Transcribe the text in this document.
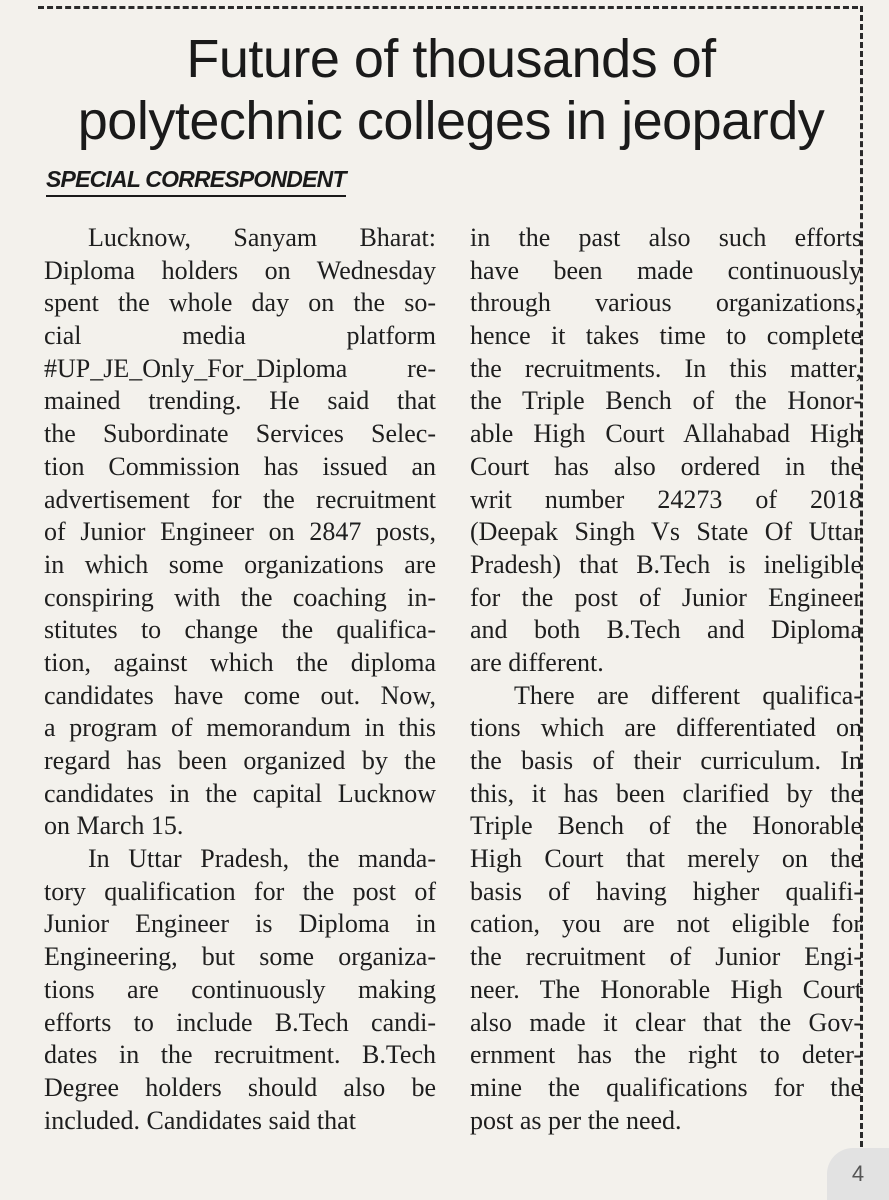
Future of thousands of
polytechnic colleges in jeopardy
SPECIAL CORRESPONDENT
Lucknow, Sanyam Bharat:
Diploma holders on Wednesday
spent the whole day on the so-
cial media platform
#UP_JE_Only_For_Diploma re-
mained trending. He said that
the Subordinate Services Selec-
tion Commission has issued an
advertisement for the recruitment
of Junior Engineer on 2847 posts,
in which some organizations are
conspiring with the coaching in-
stitutes to change the qualifica-
tion, against which the diploma
candidates have come out. Now,
a program of memorandum in this
regard has been organized by the
candidates in the capital Lucknow
on March 15.
In Uttar Pradesh, the manda-
tory qualification for the post of
Junior Engineer is Diploma in
Engineering, but some organiza-
tions are continuously making
efforts to include B.Tech candi-
dates in the recruitment. B.Tech
Degree holders should also be
included. Candidates said that
in the past also such efforts
have been made continuously
through various organizations,
hence it takes time to complete
the recruitments. In this matter,
the Triple Bench of the Honor-
able High Court Allahabad High
Court has also ordered in the
writ number 24273 of 2018
(Deepak Singh Vs State Of Uttar
Pradesh) that B.Tech is ineligible
for the post of Junior Engineer
and both B.Tech and Diploma
are different.
There are different qualifica-
tions which are differentiated on
the basis of their curriculum. In
this, it has been clarified by the
Triple Bench of the Honorable
High Court that merely on the
basis of having higher qualifi-
cation, you are not eligible for
the recruitment of Junior Engi-
neer. The Honorable High Court
also made it clear that the Gov-
ernment has the right to deter-
mine the qualifications for the
post as per the need.
4
